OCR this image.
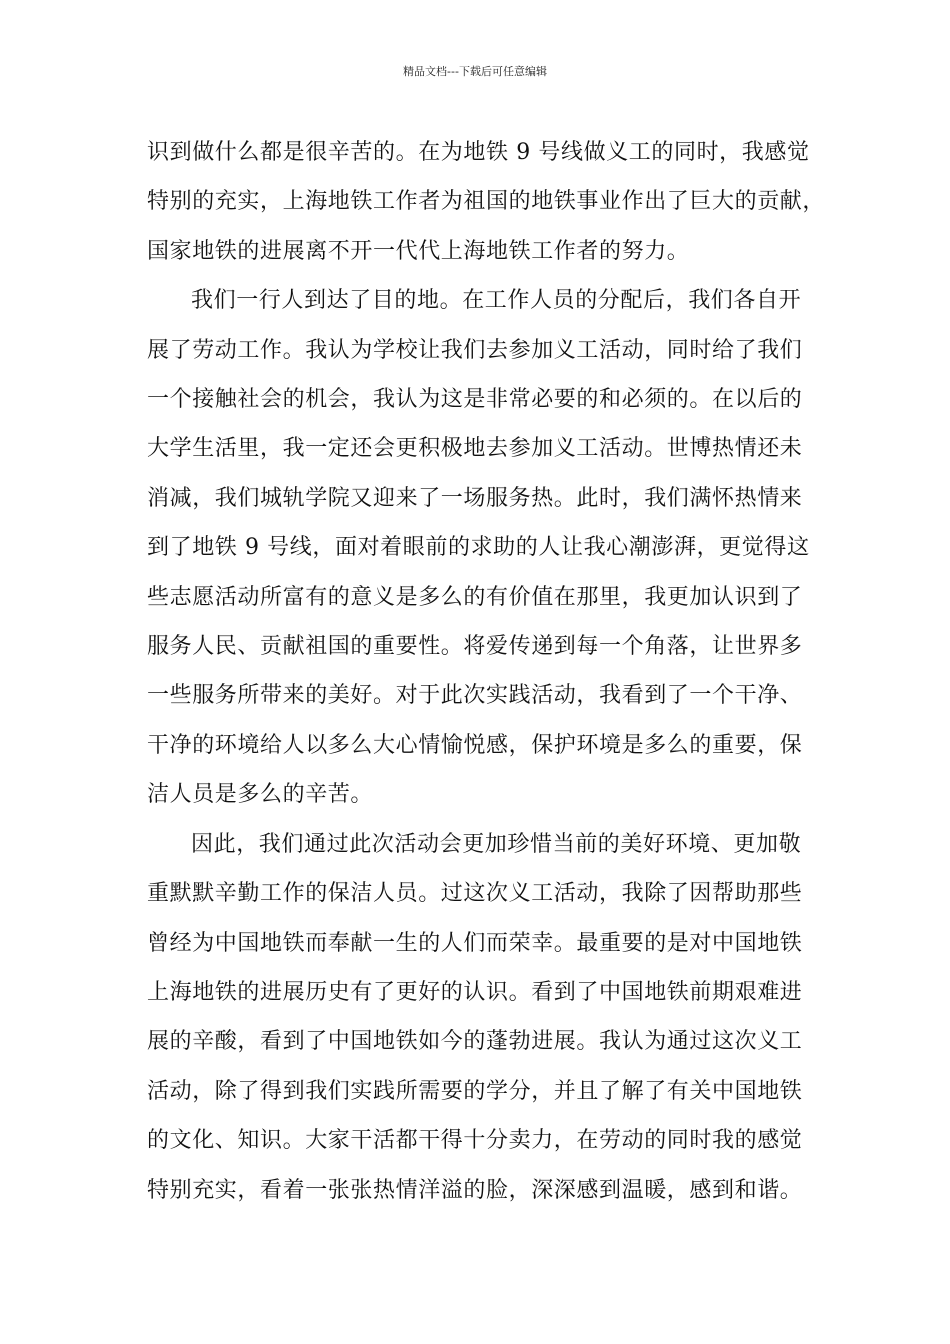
精品文档---下载后可任意编辑
识到做什么都是很辛苦的。在为地铁 9 号线做义工的同时，我感觉
特别的充实，上海地铁工作者为祖国的地铁事业作出了巨大的贡献，
国家地铁的进展离不开一代代上海地铁工作者的努力。
我们一行人到达了目的地。在工作人员的分配后，我们各自开
展了劳动工作。我认为学校让我们去参加义工活动，同时给了我们
一个接触社会的机会，我认为这是非常必要的和必须的。在以后的
大学生活里，我一定还会更积极地去参加义工活动。世博热情还未
消减，我们城轨学院又迎来了一场服务热。此时，我们满怀热情来
到了地铁 9 号线，面对着眼前的求助的人让我心潮澎湃，更觉得这
些志愿活动所富有的意义是多么的有价值在那里，我更加认识到了
服务人民、贡献祖国的重要性。将爱传递到每一个角落，让世界多
一些服务所带来的美好。对于此次实践活动，我看到了一个干净、
干净的环境给人以多么大心情愉悦感，保护环境是多么的重要，保
洁人员是多么的辛苦。
因此，我们通过此次活动会更加珍惜当前的美好环境、更加敬
重默默辛勤工作的保洁人员。过这次义工活动，我除了因帮助那些
曾经为中国地铁而奉献一生的人们而荣幸。最重要的是对中国地铁
上海地铁的进展历史有了更好的认识。看到了中国地铁前期艰难进
展的辛酸，看到了中国地铁如今的蓬勃进展。我认为通过这次义工
活动，除了得到我们实践所需要的学分，并且了解了有关中国地铁
的文化、知识。大家干活都干得十分卖力，在劳动的同时我的感觉
特别充实，看着一张张热情洋溢的脸，深深感到温暖，感到和谐。
